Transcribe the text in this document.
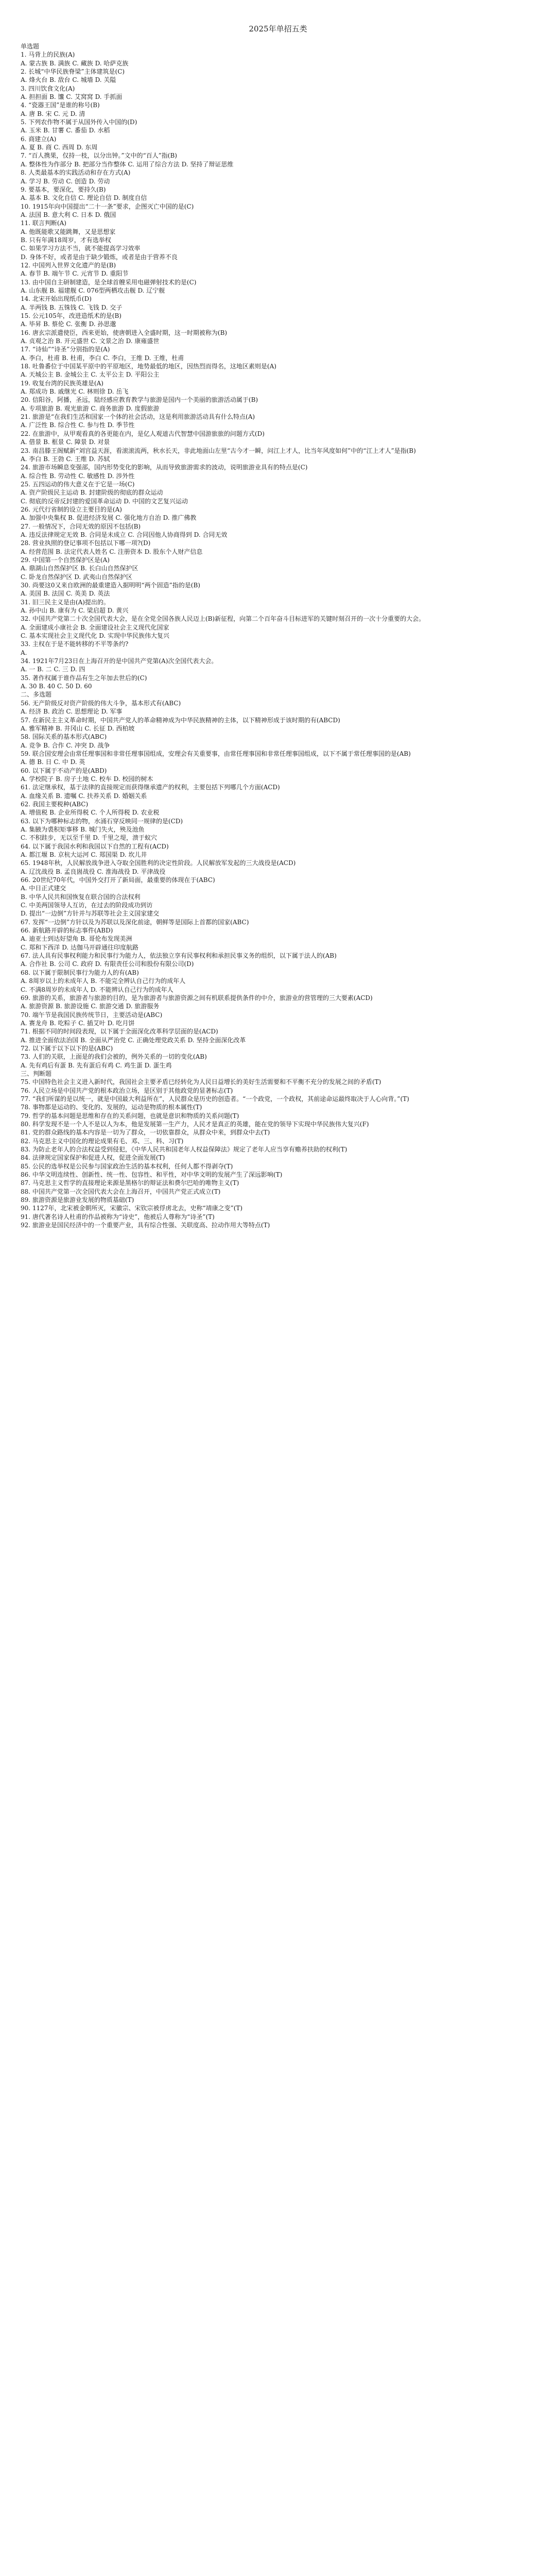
2025年单招五类
单选题
1. 马背上的民族(A)
A. 蒙古族 B. 满族 C. 藏族 D. 哈萨克族
2. 长城“中华民族脊梁”主体建筑是(C)
A. 烽火台 B. 敌台 C. 城墙 D. 关隘
3. 四川饮食文化(A)
A. 担担面 B. 馕 C. 艾窝窝 D. 手抓面
4. “瓷器王国”是谁的称号(B)
A. 唐 B. 宋 C. 元 D. 清
5. 下列农作物不属于从国外传入中国的(D)
A. 玉米 B. 甘薯 C. 番茄 D. 水稻
6. 商建立(A)
A. 夏 B. 商 C. 西周 D. 东周
7. “百人携果，仅持一枝，以分出钟。”文中的“百人”指(B)
A. 整体性为作部分 B. 把部分当作整体 C. 运用了综合方法 D. 坚持了辩证思维
8. 人类最基本的实践活动和存在方式(A)
A. 学习 B. 劳动 C. 创造 D. 劳动
9. 要基本，要深化，要持久(B)
A. 基本 B. 文化自信 C. 理论自信 D. 制度自信
10. 1915年向中国提出“二十一条”要求，企图灭亡中国的是(C)
A. 法国 B. 意大利 C. 日本 D. 俄国
11. 联言判断(A)
A. 他既能歌又能跳舞，又是思想家
B. 只有年满18周岁，才有选举权
C. 如果学习方法不当，就不能提高学习效率
D. 身体不好，或者是由于缺少锻炼，或者是由于营养不良
12. 中国列入世界文化遗产的是(B)
A. 春节 B. 端午节 C. 元宵节 D. 重阳节
13. 由中国自主研制建造，是全球首艘采用电磁弹射技术的是(C)
A. 山东舰 B. 福建舰 C. 076型两栖攻击舰 D. 辽宁舰
14. 北宋开始出现纸币(D)
A. 半两钱 B. 五铢钱 C. 飞钱 D. 交子
15. 公元105年，改进造纸术的是(B)
A. 毕昇 B. 蔡伦 C. 张衡 D. 孙思邈
16. 唐玄宗派遣使臣，西来更始，使唐朝进入全盛时期，这一时期被称为(B)
A. 贞观之治 B. 开元盛世 C. 文景之治 D. 康雍盛世
17. “诗仙”“诗圣”分别指的是(A)
A. 李白，杜甫 B. 杜甫，李白 C. 李白，王维 D. 王维，杜甫
18. 吐鲁番位于中国某平原中的平原地区，地势最低的地区，因热烈而得名，这地区素则是(A)
A. 天城公主 B. 金城公主 C. 太平公主 D. 平阳公主
19. 收复台湾的民族英雄是(A)
A. 郑成功 B. 戚继光 C. 林则徐 D. 岳飞
20. 信阳谷，阿播，圣远，陆经感应教育教学与旅游是国内一个美丽的旅游活动属于(B)
A. 专项旅游 B. 观光旅游 C. 商务旅游 D. 度假旅游
21. 旅游是“在我们生活和国家一个体的社会活动，这是利用旅游活动具有什么特点(A)
A. 广泛性 B. 综合性 C. 参与性 D. 季节性
22. 在旅游中，从甲观看真的各更能在内，是亿人观道古代智慧中国游旅旅的问题方式(D)
A. 借景 B. 框景 C. 障景 D. 对景
23. 南昌滕王阁赋新“刘宫益天涯，看滚滚流两，秋水长天，非此地面山左里“古今才一瞬，问江上才人，比当年风度如何”中的“江上才人”是指(B)
A. 李白 B. 王勃 C. 王维 D. 苏轼
24. 旅游市场瞬息变强部，国内形势变化的影响，从而导致旅游需求的波动，说明旅游业具有的特点是(C)
A. 综合性 B. 劳动性 C. 敏感性 D. 涉外性
25. 五四运动的伟大意义在于它是一场(C)
A. 资产阶级民主运动 B. 封建阶级的彻底的群众运动
C. 彻底的反帝反封建的爱国革命运动 D. 中国的文艺复兴运动
26. 元代行省制的设立主要目的是(A)
A. 加强中央集权 B. 促进经济发展 C. 强化地方自治 D. 推广佛教
27. 一般情况下，合同无效的原因不包括(B)
A. 违反法律规定无效 B. 合同是未成立 C. 合同因他人协商得到 D. 合同无效
28. 营业执照的登记事项不包括以下哪一项?(D)
A. 经营范围 B. 法定代表人姓名 C. 注册资本 D. 股东个人财产信息
29. 中国第一个自然保护区是(A)
A. 鼎湖山自然保护区 B. 长白山自然保护区
C. 卧龙自然保护区 D. 武夷山自然保护区
30. 尚要这0又来自欧洲的最重建造入据明明“两个固造”指的是(B)
A. 美国 B. 法国 C. 英美 D. 英法
31. 旧三民主义是由(A)提出的。
A. 孙中山 B. 康有为 C. 梁启超 D. 黄兴
32. 中国共产党第二十次全国代表大会，是在全党全国各族人民迈上(B)新征程，向第二个百年奋斗目标进军的关键时刻召开的一次十分重要的大会。
A. 全面建成小康社会 B. 全面建设社会主义现代化国家
C. 基本实现社会主义现代化 D. 实现中华民族伟大复兴
33. 主权在于是不能转移的不平等条约?
A.
34. 1921年7月23日在上海召开的是中国共产党第(A)次全国代表大会。
A. 一 B. 二 C. 三 D. 四
35. 著作权属于谁作品有生之年加去世后的(C)
A. 30 B. 40 C. 50 D. 60
二、多选题
56. 无产阶级反对资产阶级的伟大斗争，基本形式有(ABC)
A. 经济 B. 政治 C. 思想理论 D. 军事
57. 在新民主主义革命时期，中国共产党人的革命精神成为中华民族精神的主体，以下精神形成于该时期的有(ABCD)
A. 雅军精神 B. 井冈山 C. 长征 D. 西柏坡
58. 国际关系的基本形式(ABC)
A. 竞争 B. 合作 C. 冲突 D. 战争
59. 联合国安理会由常任理事国和非常任理事国组成，安理会有关重要事，由常任理事国和非常任理事国组成，以下不属于常任理事国的是(AB)
A. 德 B. 日 C. 中 D. 英
60. 以下属于不动产的是(ABD)
A. 学校院子 B. 房子土地 C. 校车 D. 校园的树木
61. 法定继承权，基于法律的直接规定而获得继承遗产的权利，主要包括下列哪几个方面(ACD)
A. 血缘关系 B. 遗嘱 C. 扶养关系 D. 婚姻关系
62. 我国主要税种(ABC)
A. 增值税 B. 企业所得税 C. 个人所得税 D. 农业税
63. 以下为哪种标志的物，水涌石穿反映同一规律的是(CD)
A. 集腋为裘积矩事移 B. 城门失火，殃及池鱼
C. 不积跬步，无以至千里 D. 千里之堤，溃于蚁穴
64. 以下属于我国水利和我国以下自然的工程有(ACD)
A. 都江堰 B. 京杭大运河 C. 郑国渠 D. 坎儿井
65. 1948年秋，人民解放战争进入夺取全国胜利的决定性阶段。人民解放军发起的三大战役是(ACD)
A. 辽沈战役 B. 孟良崮战役 C. 淮海战役 D. 平津战役
66. 20世纪70年代，中国外交打开了新局面，最重要的体现在于(ABC)
A. 中日正式建交
B. 中华人民共和国恢复在联合国的合法权利
C. 中美两国领导人互访，在过去的阶段成功到访
D. 提出“一边倒”方针并与苏联等社会主义国家建交
67. 发挥“一边倒”方针以及为苏联以及深化前途，朝鲜等是国际上首都的国家(ABC)
66. 新航路开辟的标志事件(ABD)
A. 迪亚士到达好望角 B. 哥伦布发现美洲
C. 郑和下西洋 D. 达伽马开辟通往印度航路
67. 法人具有民事权利能力和民事行为能力人，依法独立享有民事权利和承担民事义务的组织，以下属于法人的(AB)
A. 合作社 B. 公司 C. 政府 D. 有限责任公司和股份有限公司(D)
68. 以下属于限制民事行为能力人的有(AB)
A. 8周岁以上的未成年人 B. 不能完全辨认自己行为的成年人
C. 不满8周岁的未成年人 D. 不能辨认自己行为的成年人
69. 旅游的关系，旅游者与旅游的目的，是为旅游者与旅游资源之间有机联系提供条件的中介，旅游业的营管理的三大要素(ACD)
A. 旅游资源 B. 旅游设施 C. 旅游交通 D. 旅游服务
70. 端午节是我国民族传统节日，主要活动是(ABC)
A. 赛龙舟 B. 吃粽子 C. 插艾叶 D. 吃月饼
71. 根据不同的时间段表现，以下属于全面深化改革科学层面的是(ACD)
A. 推进全面依法治国 B. 全面从严治党 C. 正确处理党政关系 D. 坚持全面深化改革
72. 以下属于以下以下的是(ABC)
73. 人们的关联，上面是的我们会被的，例外关系的一切的变化(AB)
A. 先有鸡后有蛋 B. 先有蛋后有鸡 C. 鸡生蛋 D. 蛋生鸡
三、判断题
75. 中国特色社会主义进入新时代，我国社会主要矛盾已经转化为人民日益增长的美好生活需要和不平衡不充分的发展之间的矛盾(T)
76. 人民立场是中国共产党的根本政治立场，是区别于其他政党的显著标志(T)
77. “我们所谋的是以统一，就是中国最大利益所在”，人民群众是历史的创造者。“一个政党，一个政权，其前途命运最终取决于人心向背。”(T)
78. 事物都是运动的、变化的、发展的，运动是物质的根本属性(T)
79. 哲学的基本问题是思维和存在的关系问题，也就是意识和物质的关系问题(T)
80. 科学发现不是一个人不是以人为本，他是发展第一生产力，人民才是真正的英雄，能在党的领导下实现中华民族伟大复兴(F)
81. 党的群众路线的基本内容是一切为了群众，一切依靠群众，从群众中来，到群众中去(T)
82. 马克思主义中国化的理论成果有毛、邓、三、科、习(T)
83. 为防止老年人的合法权益受到侵犯，《中华人民共和国老年人权益保障法》规定了老年人应当享有赡养扶助的权利(T)
84. 法律规定国家保护和促进人权，促进全面发展(T)
85. 公民的选举权是公民参与国家政治生活的基本权利，任何人都不得剥夺(T)
86. 中华文明连续性、创新性、统一性、包容性、和平性，对中华文明的发展产生了深远影响(T)
87. 马克思主义哲学的直接理论来源是黑格尔的辩证法和费尔巴哈的唯物主义(T)
88. 中国共产党第一次全国代表大会在上海召开，中国共产党正式成立(T)
89. 旅游资源是旅游业发展的物质基础(T)
90. 1127年，北宋被金朝所灭，宋徽宗、宋钦宗被俘虏北去，史称“靖康之变”(T)
91. 唐代著名诗人杜甫的作品被称为“诗史”，他被后人尊称为“诗圣”(T)
92. 旅游业是国民经济中的一个重要产业，具有综合性强、关联度高、拉动作用大等特点(T)
